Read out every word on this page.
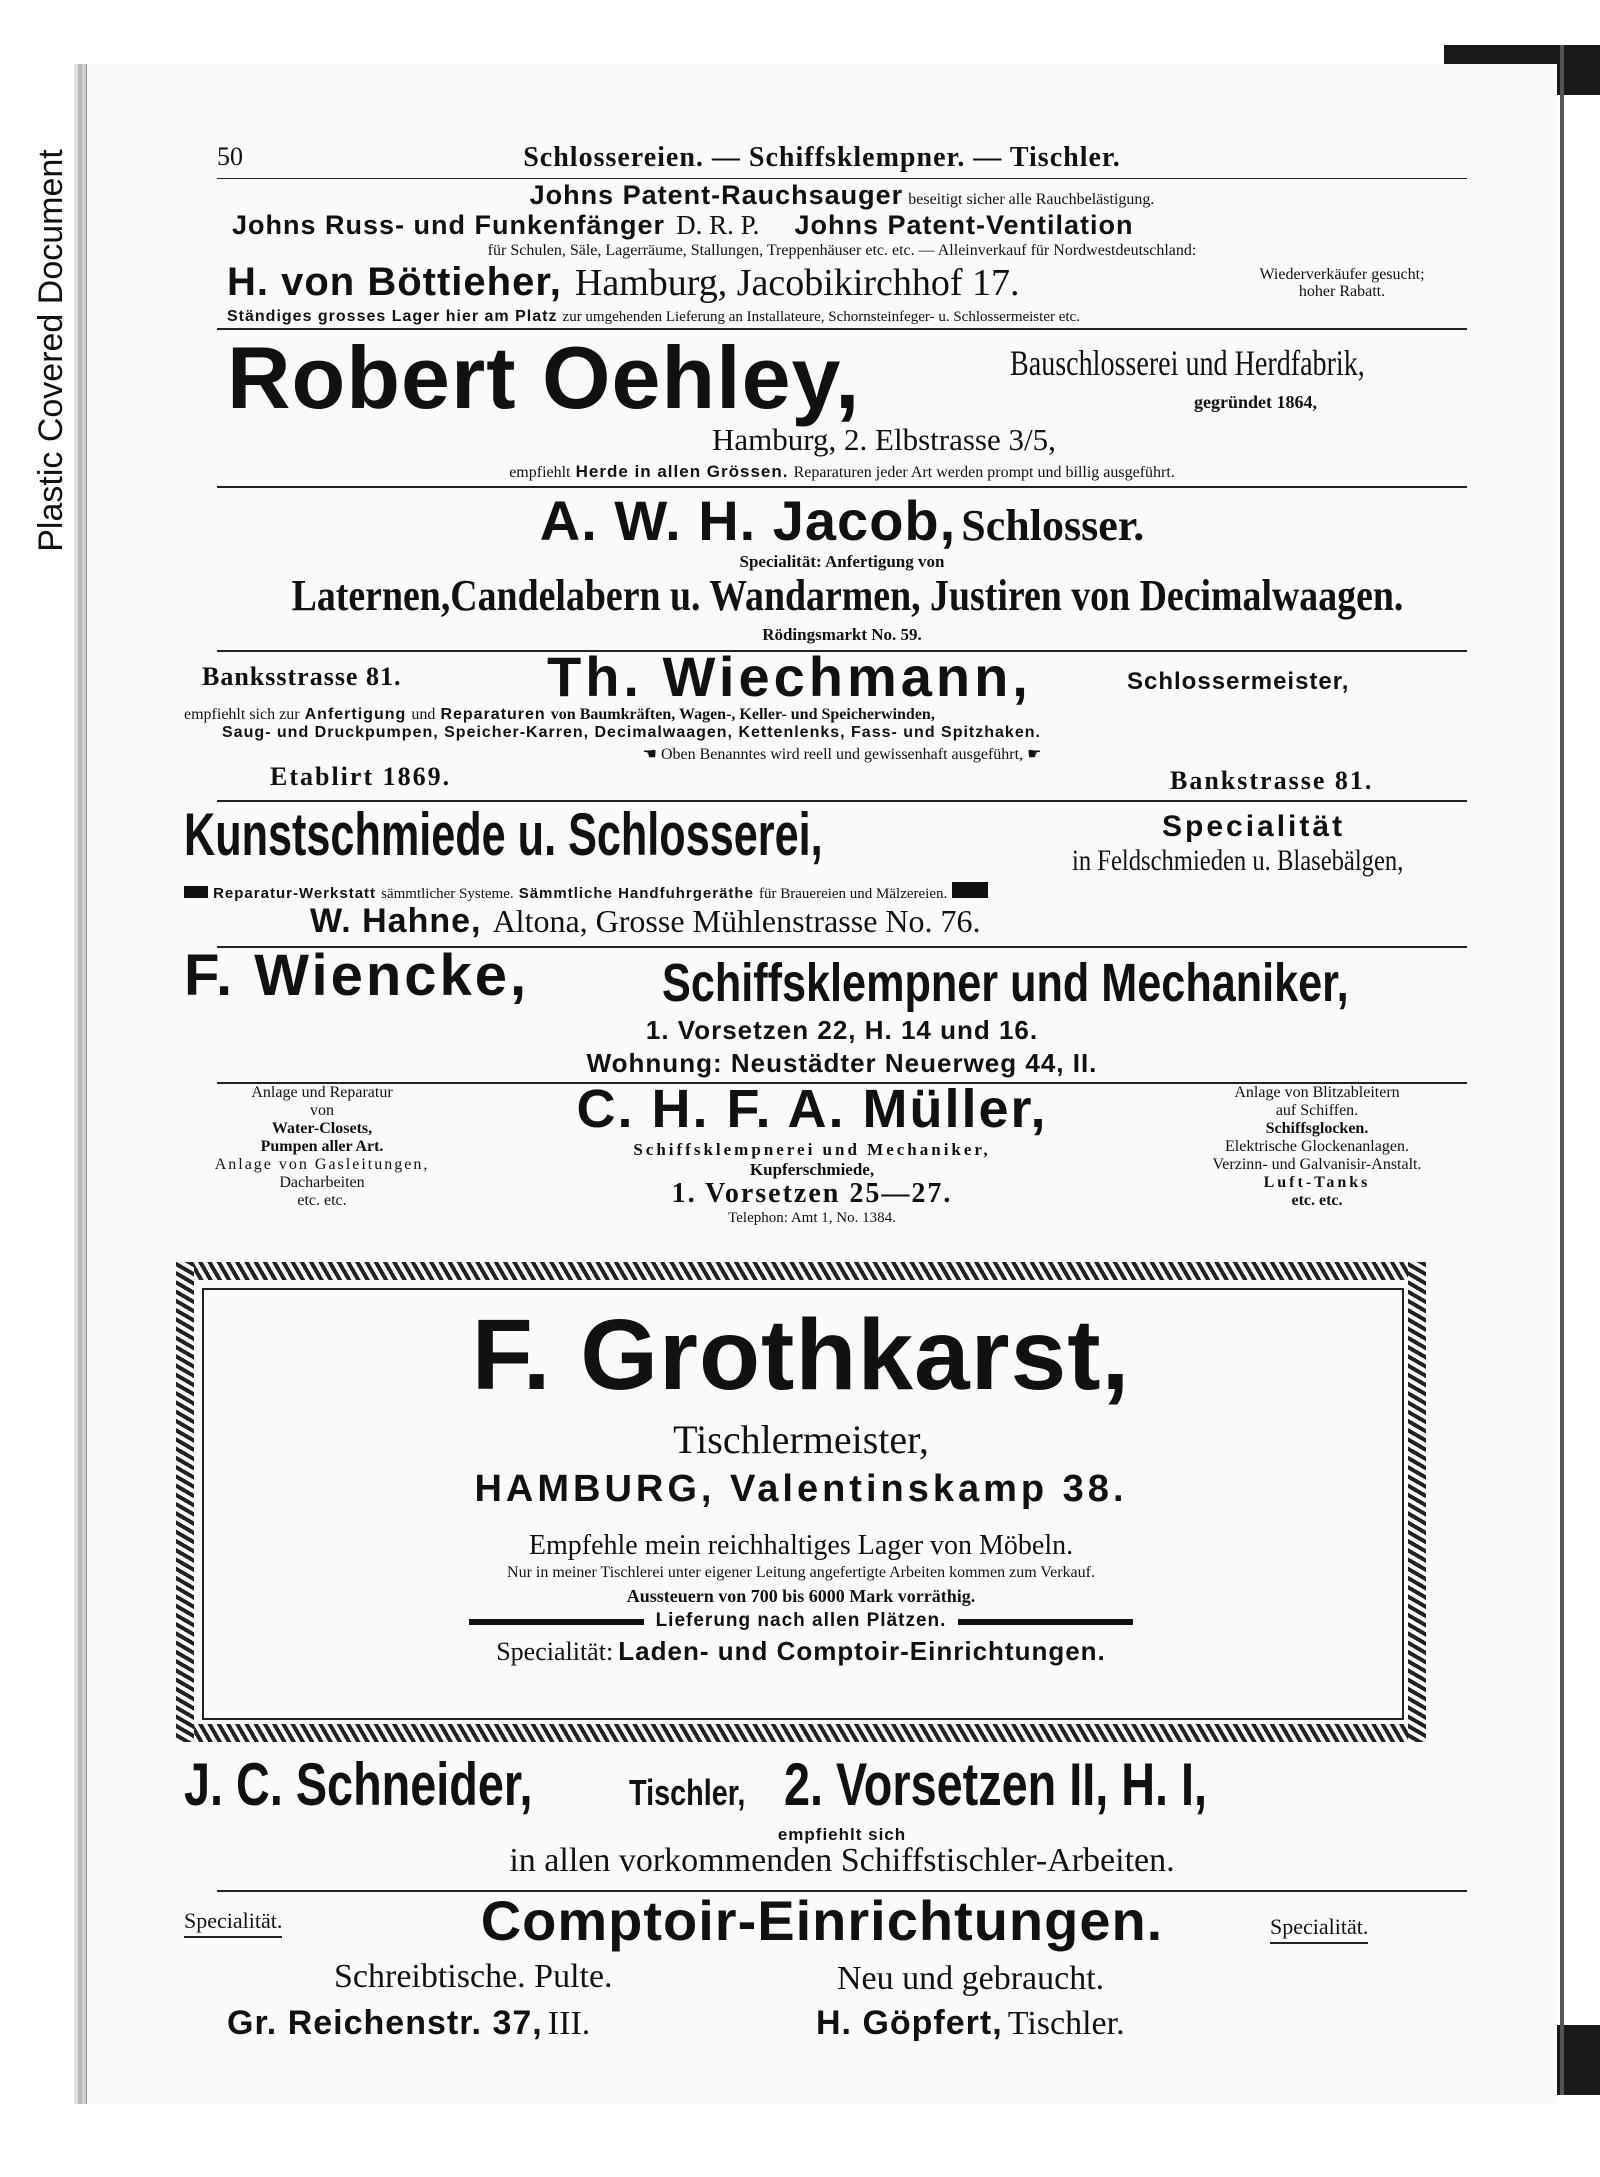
Plastic Covered Document	50	Schlossereien. — Schiffsklempner. — Tischler.
Johns Patent-Rauchsauger beseitigt sicher alle Rauchbelästigung.
Johns Russ- und Funkenfänger D. R. P. Johns Patent-Ventilation
für Schulen, Säle, Lagerräume, Stallungen, Treppenhäuser etc. etc. — Alleinverkauf für Nordwestdeutschland:
H. von Böttieher, Hamburg, Jacobikirchhof 17.	Wiederverkäufer gesucht;
hoher Rabatt.
Ständiges grosses Lager hier am Platz zur umgehenden Lieferung an Installateure, Schornsteinfeger- u. Schlossermeister etc.
Robert Oehley,	Bauschlosserei und Herdfabrik,
gegründet 1864,
Hamburg, 2. Elbstrasse 3/5,
empfiehlt Herde in allen Grössen. Reparaturen jeder Art werden prompt und billig ausgeführt.
A. W. H. Jacob, Schlosser.
Specialität: Anfertigung von
Laternen,Candelabern u. Wandarmen, Justiren von Decimalwaagen.
Rödingsmarkt No. 59.
Banksstrasse 81.	Th. Wiechmann,	Schlossermeister,
empfiehlt sich zur Anfertigung und Reparaturen von Baumkräften, Wagen-, Keller- und Speicherwinden,
Saug- und Druckpumpen, Speicher-Karren, Decimalwaagen, Kettenlenks, Fass- und Spitzhaken.
☚ Oben Benanntes wird reell und gewissenhaft ausgeführt, ☛
Etablirt 1869.	Bankstrasse 81.
Kunstschmiede u. Schlosserei,	Specialität
in Feldschmieden u. Blasebälgen,
Reparatur-Werkstatt sämmtlicher Systeme. Sämmtliche Handfuhrgeräthe für Brauereien und Mälzereien.
W. Hahne, Altona, Grosse Mühlenstrasse No. 76.
F. Wiencke, Schiffsklempner und Mechaniker,
1. Vorsetzen 22, H. 14 und 16.
Wohnung: Neustädter Neuerweg 44, II.
Anlage und Reparatur
von
Water-Closets,
Pumpen aller Art.
Anlage von Gasleitungen,
Dacharbeiten
etc. etc.
C. H. F. A. Müller,
Schiffsklempnerei und Mechaniker,
Kupferschmiede,
1. Vorsetzen 25—27.
Telephon: Amt 1, No. 1384.
Anlage von Blitzableitern
auf Schiffen.
Schiffsglocken.
Elektrische Glockenanlagen.
Verzinn- und Galvanisir-Anstalt.
Luft-Tanks
etc. etc.
F. Grothkarst,
Tischlermeister,
HAMBURG, Valentinskamp 38.
Empfehle mein reichhaltiges Lager von Möbeln.
Nur in meiner Tischlerei unter eigener Leitung angefertigte Arbeiten kommen zum Verkauf.
Aussteuern von 700 bis 6000 Mark vorräthig.
Lieferung nach allen Plätzen.
Specialität: Laden- und Comptoir-Einrichtungen.
J. C. Schneider,	Tischler, 2. Vorsetzen II, H. I,
empfiehlt sich
in allen vorkommenden Schiffstischler-Arbeiten.
Specialität.	Comptoir-Einrichtungen.	Specialität.
Schreibtische. Pulte.	Neu und gebraucht.
Gr. Reichenstr. 37, III.	H. Göpfert, Tischler.
